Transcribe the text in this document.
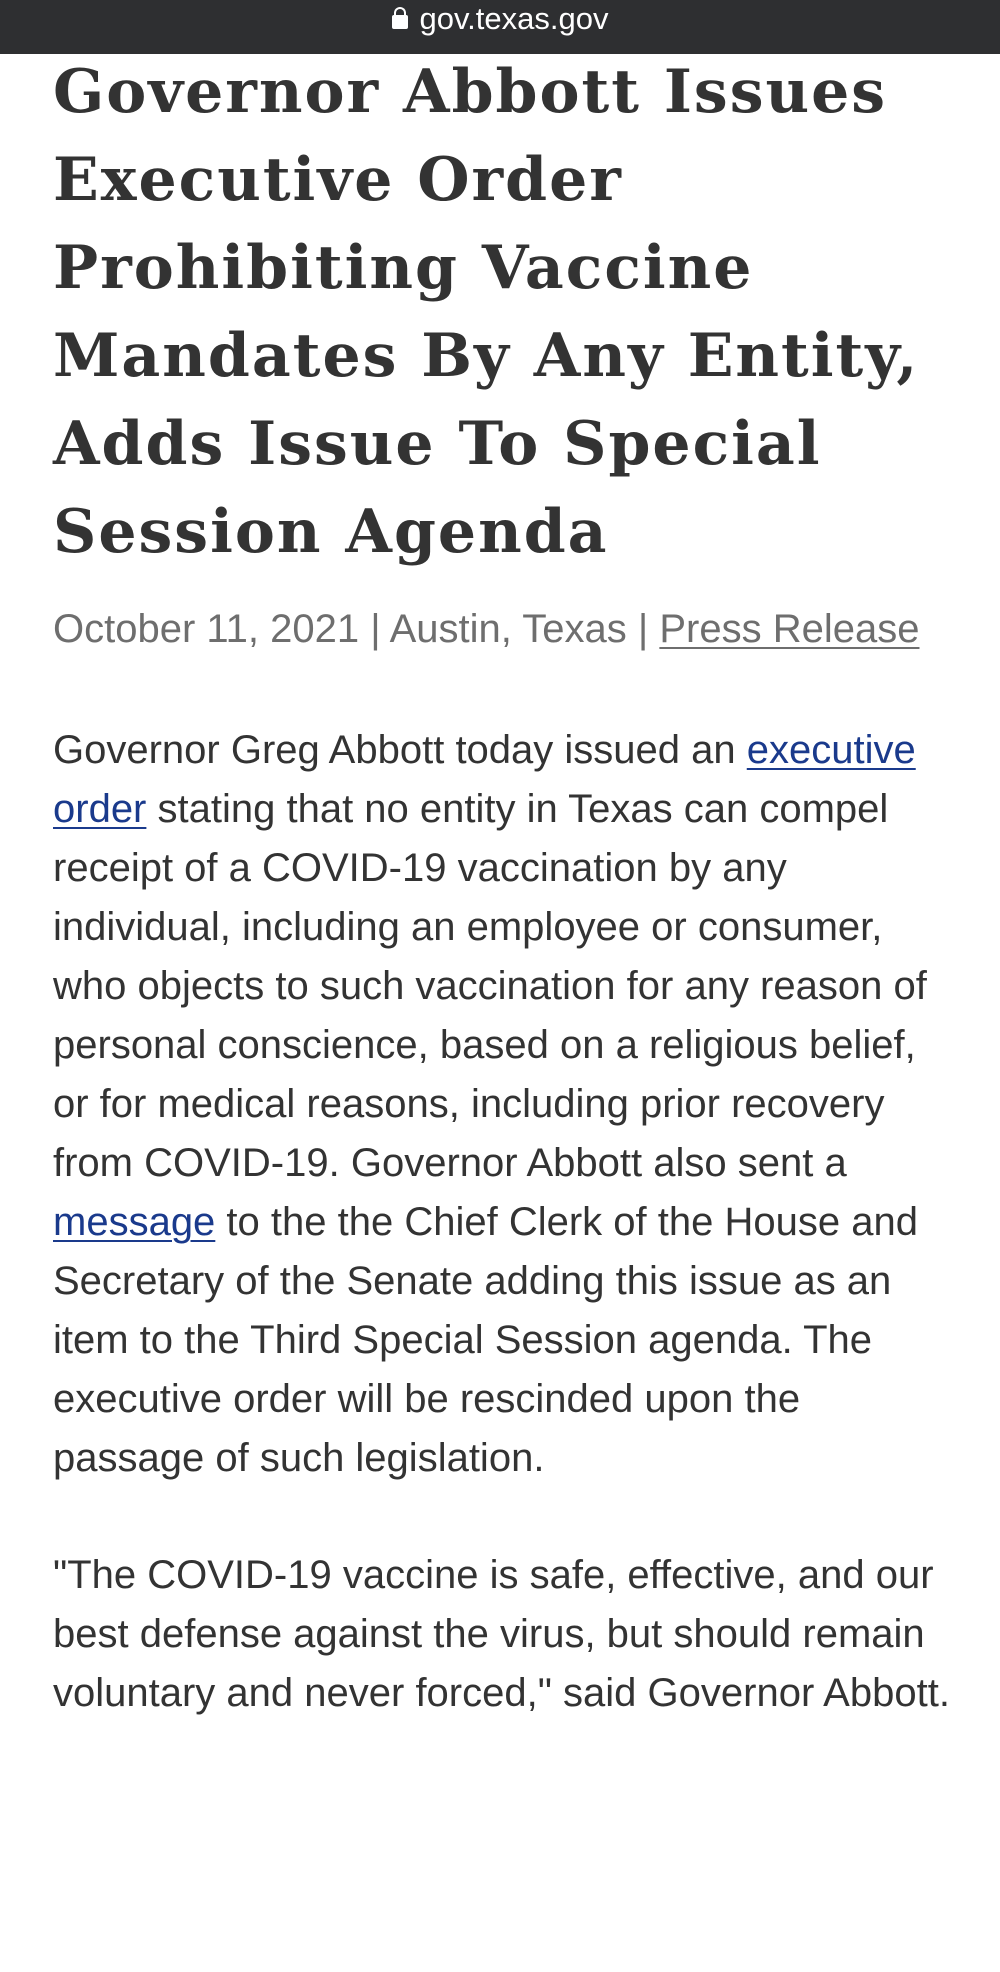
gov.texas.gov
Governor Abbott Issues Executive Order Prohibiting Vaccine Mandates By Any Entity, Adds Issue To Special Session Agenda
October 11, 2021 | Austin, Texas | Press Release

Governor Greg Abbott today issued an executive order stating that no entity in Texas can compel receipt of a COVID-19 vaccination by any individual, including an employee or consumer, who objects to such vaccination for any reason of personal conscience, based on a religious belief, or for medical reasons, including prior recovery from COVID-19. Governor Abbott also sent a message to the the Chief Clerk of the House and Secretary of the Senate adding this issue as an item to the Third Special Session agenda. The executive order will be rescinded upon the passage of such legislation.

"The COVID-19 vaccine is safe, effective, and our best defense against the virus, but should remain voluntary and never forced," said Governor Abbott.
